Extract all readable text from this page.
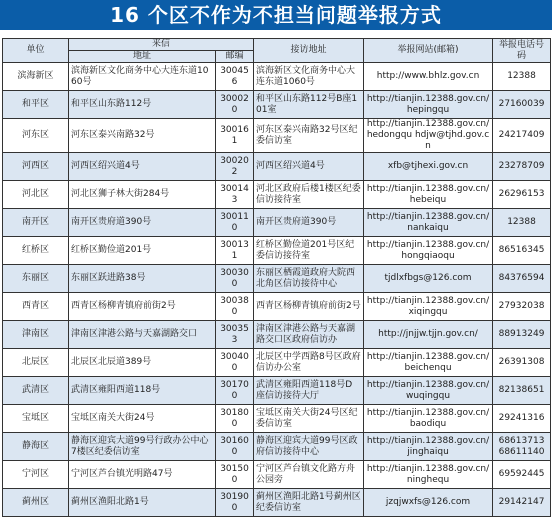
16 个区不作为不担当问题举报方式
单位	来信		接访地址	举报网站(邮箱)	举报电话号码
	地址	邮编			
滨海新区	滨海新区文化商务中心大连东道1060号	300456	滨海新区文化商务中心大连东道1060号	http://www.bhlz.gov.cn	12388
和平区	和平区山东路112号	300020	和平区山东路112号B座101室	http://tianjin.12388.gov.cn/hepingqu	27160039
河东区	河东区泰兴南路32号	300161	河东区泰兴南路32号区纪委信访室	http://tianjin.12388.gov.cn/hedongqu hdjw@tjhd.gov.cn	24217409
河西区	河西区绍兴道4号	300202	河西区绍兴道4号	xfb@tjhexi.gov.cn	23278709
河北区	河北区狮子林大街284号	300143	河北区政府后楼1楼区纪委信访接待室	http://tianjin.12388.gov.cn/hebeiqu	26296153
南开区	南开区贵府道390号	300110	南开区贵府道390号	http://tianjin.12388.gov.cn/nankaiqu	12388
红桥区	红桥区勤俭道201号	300131	红桥区勤俭道201号区纪委信访接待室	http://tianjin.12388.gov.cn/hongqiaoqu	86516345
东丽区	东丽区跃进路38号	300300	东丽区栖霞道政府大院西北角区信访接待中心	tjdlxfbgs@126.com	84376594
西青区	西青区杨柳青镇府前街2号	300380	西青区杨柳青镇府前街2号	http://tianjin.12388.gov.cn/xiqingqu	27932038
津南区	津南区津港公路与天嘉湖路交口	300353	津南区津港公路与天嘉湖路交口区政府信访办	http://jnjjw.tjjn.gov.cn/	88913249
北辰区	北辰区北辰道389号	300400	北辰区中学西路8号区政府信访办公室	http://tianjin.12388.gov.cn/beichenqu	26391308
武清区	武清区雍阳西道118号	301700	武清区雍阳西道118号D座信访接待大厅	http://tianjin.12388.gov.cn/wuqingqu	82138651
宝坻区	宝坻区南关大街24号	301800	宝坻区南关大街24号区纪委信访室	http://tianjin.12388.gov.cn/baodiqu	29241316
静海区	静海区迎宾大道99号行政办公中心7楼区纪委信访室	301600	静海区迎宾大道99号区政府信访接待中心	http://tianjin.12388.gov.cn/jinghaiqu	68613713 68611140
宁河区	宁河区芦台镇光明路47号	301500	宁河区芦台镇文化路方舟公园旁	http://tianjin.12388.gov.cn/ninghequ	69592445
蓟州区	蓟州区渔阳北路1号	301900	蓟州区渔阳北路1号蓟州区纪委信访室	jzqjwxfs@126.com	29142147
